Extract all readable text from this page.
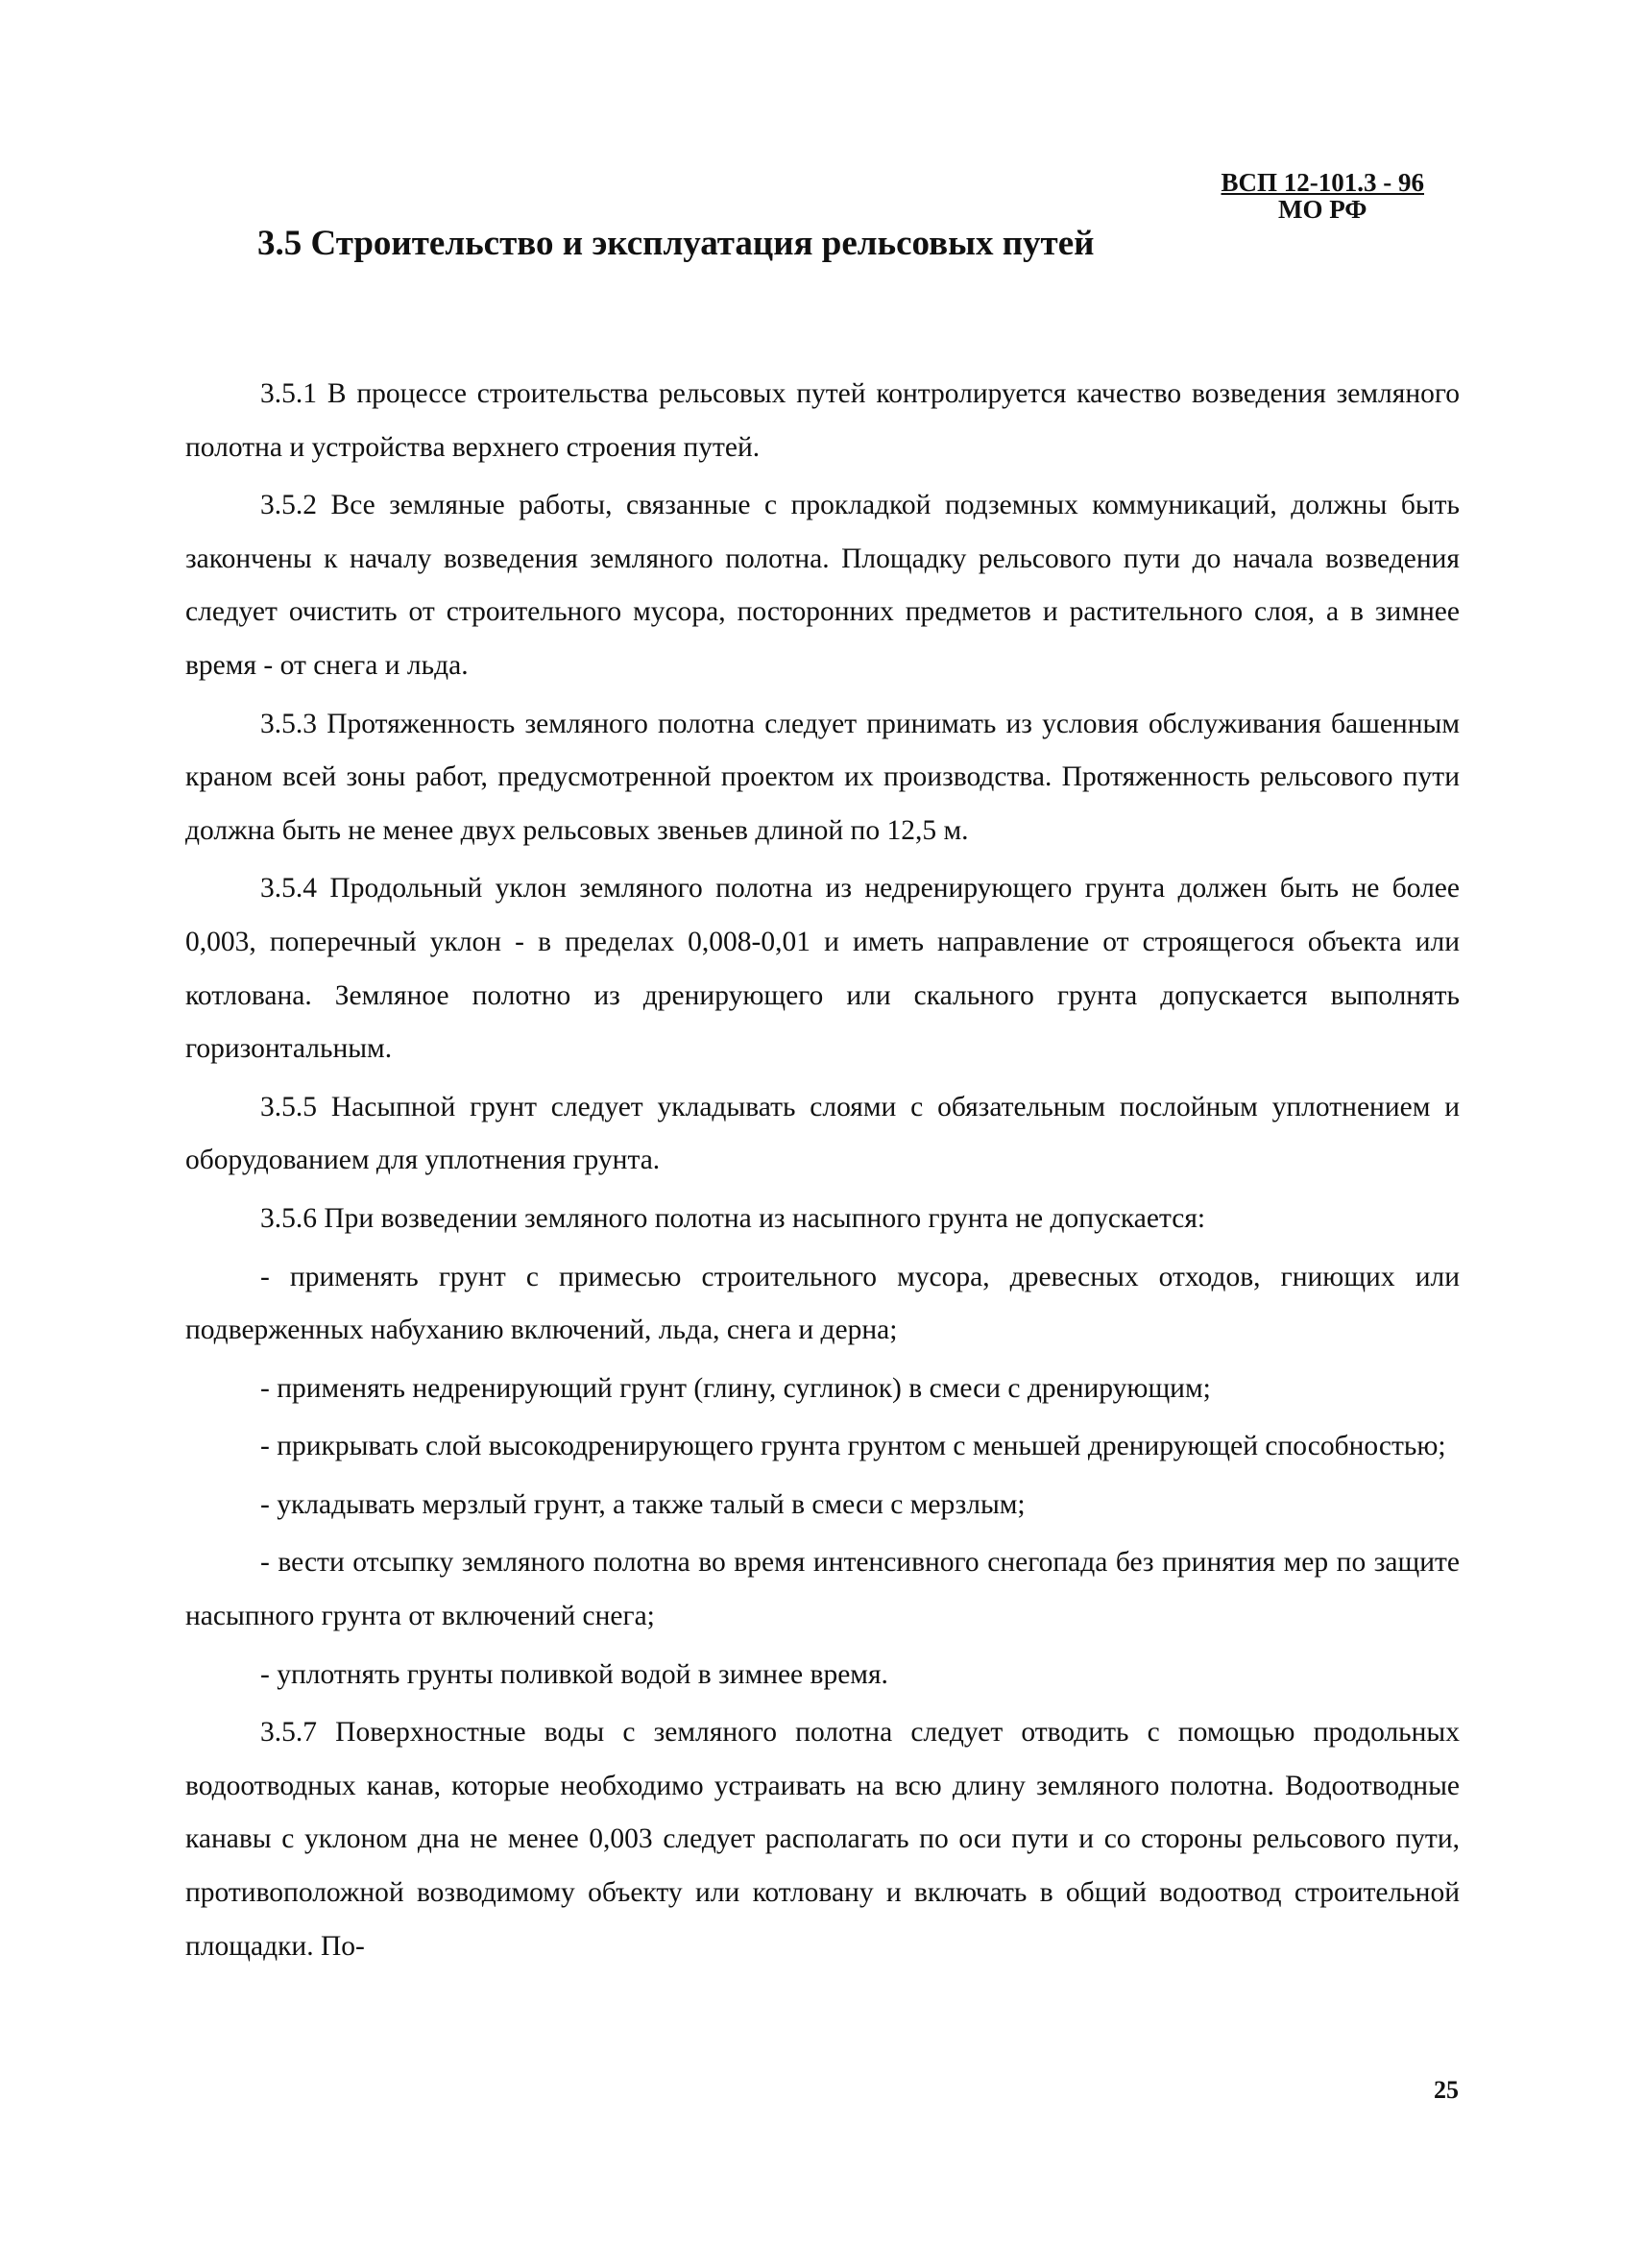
ВСП 12-101.3 - 96
МО РФ
3.5 Строительство и эксплуатация рельсовых путей

3.5.1 В процессе строительства рельсовых путей контролируется качество возведения земляного полотна и устройства верхнего строения путей.

3.5.2 Все земляные работы, связанные с прокладкой подземных коммуникаций, должны быть закончены к началу возведения земляного полотна. Площадку рельсового пути до начала возведения следует очистить от строительного мусора, посторонних предметов и растительного слоя, а в зимнее время - от снега и льда.

3.5.3 Протяженность земляного полотна следует принимать из условия обслуживания башенным краном всей зоны работ, предусмотренной проектом их производства. Протяженность рельсового пути должна быть не менее двух рельсовых звеньев длиной по 12,5 м.

3.5.4 Продольный уклон земляного полотна из недренирующего грунта должен быть не более 0,003, поперечный уклон - в пределах 0,008-0,01 и иметь направление от строящегося объекта или котлована. Земляное полотно из дренирующего или скального грунта допускается выполнять горизонтальным.

3.5.5 Насыпной грунт следует укладывать слоями с обязательным послойным уплотнением и оборудованием для уплотнения грунта.

3.5.6 При возведении земляного полотна из насыпного грунта не допускается:

- применять грунт с примесью строительного мусора, древесных отходов, гниющих или подверженных набуханию включений, льда, снега и дерна;

- применять недренирующий грунт (глину, суглинок) в смеси с дренирующим;

- прикрывать слой высокодренирующего грунта грунтом с меньшей дренирующей способностью;

- укладывать мерзлый грунт, а также талый в смеси с мерзлым;

- вести отсыпку земляного полотна во время интенсивного снегопада без принятия мер по защите насыпного грунта от включений снега;

- уплотнять грунты поливкой водой в зимнее время.

3.5.7 Поверхностные воды с земляного полотна следует отводить с помощью продольных водоотводных канав, которые необходимо устраивать на всю длину земляного полотна. Водоотводные канавы с уклоном дна не менее 0,003 следует располагать по оси пути и со стороны рельсового пути, противоположной возводимому объекту или котловану и включать в общий водоотвод строительной площадки. По-

25
